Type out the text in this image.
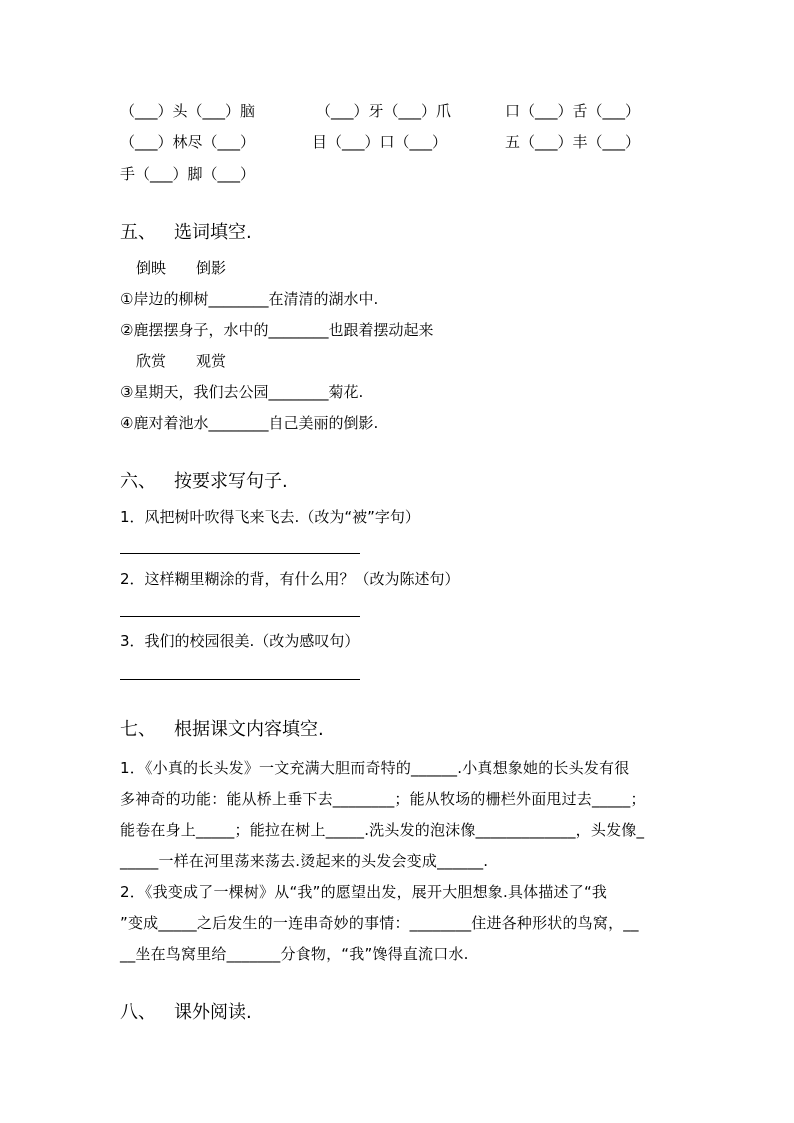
（___）头（___）脑	（___）牙（___）爪	口（___）舌（___）
（___）林尽（___）	目（___）口（___）	五（___）丰（___）
手（___）脚（___）
五、 选词填空.
倒映　　倒影
①岸边的柳树________在清清的湖水中.
②鹿摆摆身子，水中的________也跟着摆动起来
欣赏　　观赏
③星期天，我们去公园________菊花.
④鹿对着池水________自己美丽的倒影.
六、 按要求写句子.
1．风把树叶吹得飞来飞去.（改为“被”字句）
2．这样糊里糊涂的背，有什么用？（改为陈述句）
3．我们的校园很美.（改为感叹句）
七、 根据课文内容填空.
1．《小真的长头发》一文充满大胆而奇特的______.小真想象她的长头发有很
多神奇的功能：能从桥上垂下去________；能从牧场的栅栏外面甩过去_____；
能卷在身上_____；能拉在树上_____.洗头发的泡沫像_____________，头发像_
_____一样在河里荡来荡去.烫起来的头发会变成______.
2．《我变成了一棵树》从“我”的愿望出发，展开大胆想象.具体描述了“我
”变成_____之后发生的一连串奇妙的事情：________住进各种形状的鸟窝，__
__坐在鸟窝里给_______分食物，“我”馋得直流口水.
八、 课外阅读.
